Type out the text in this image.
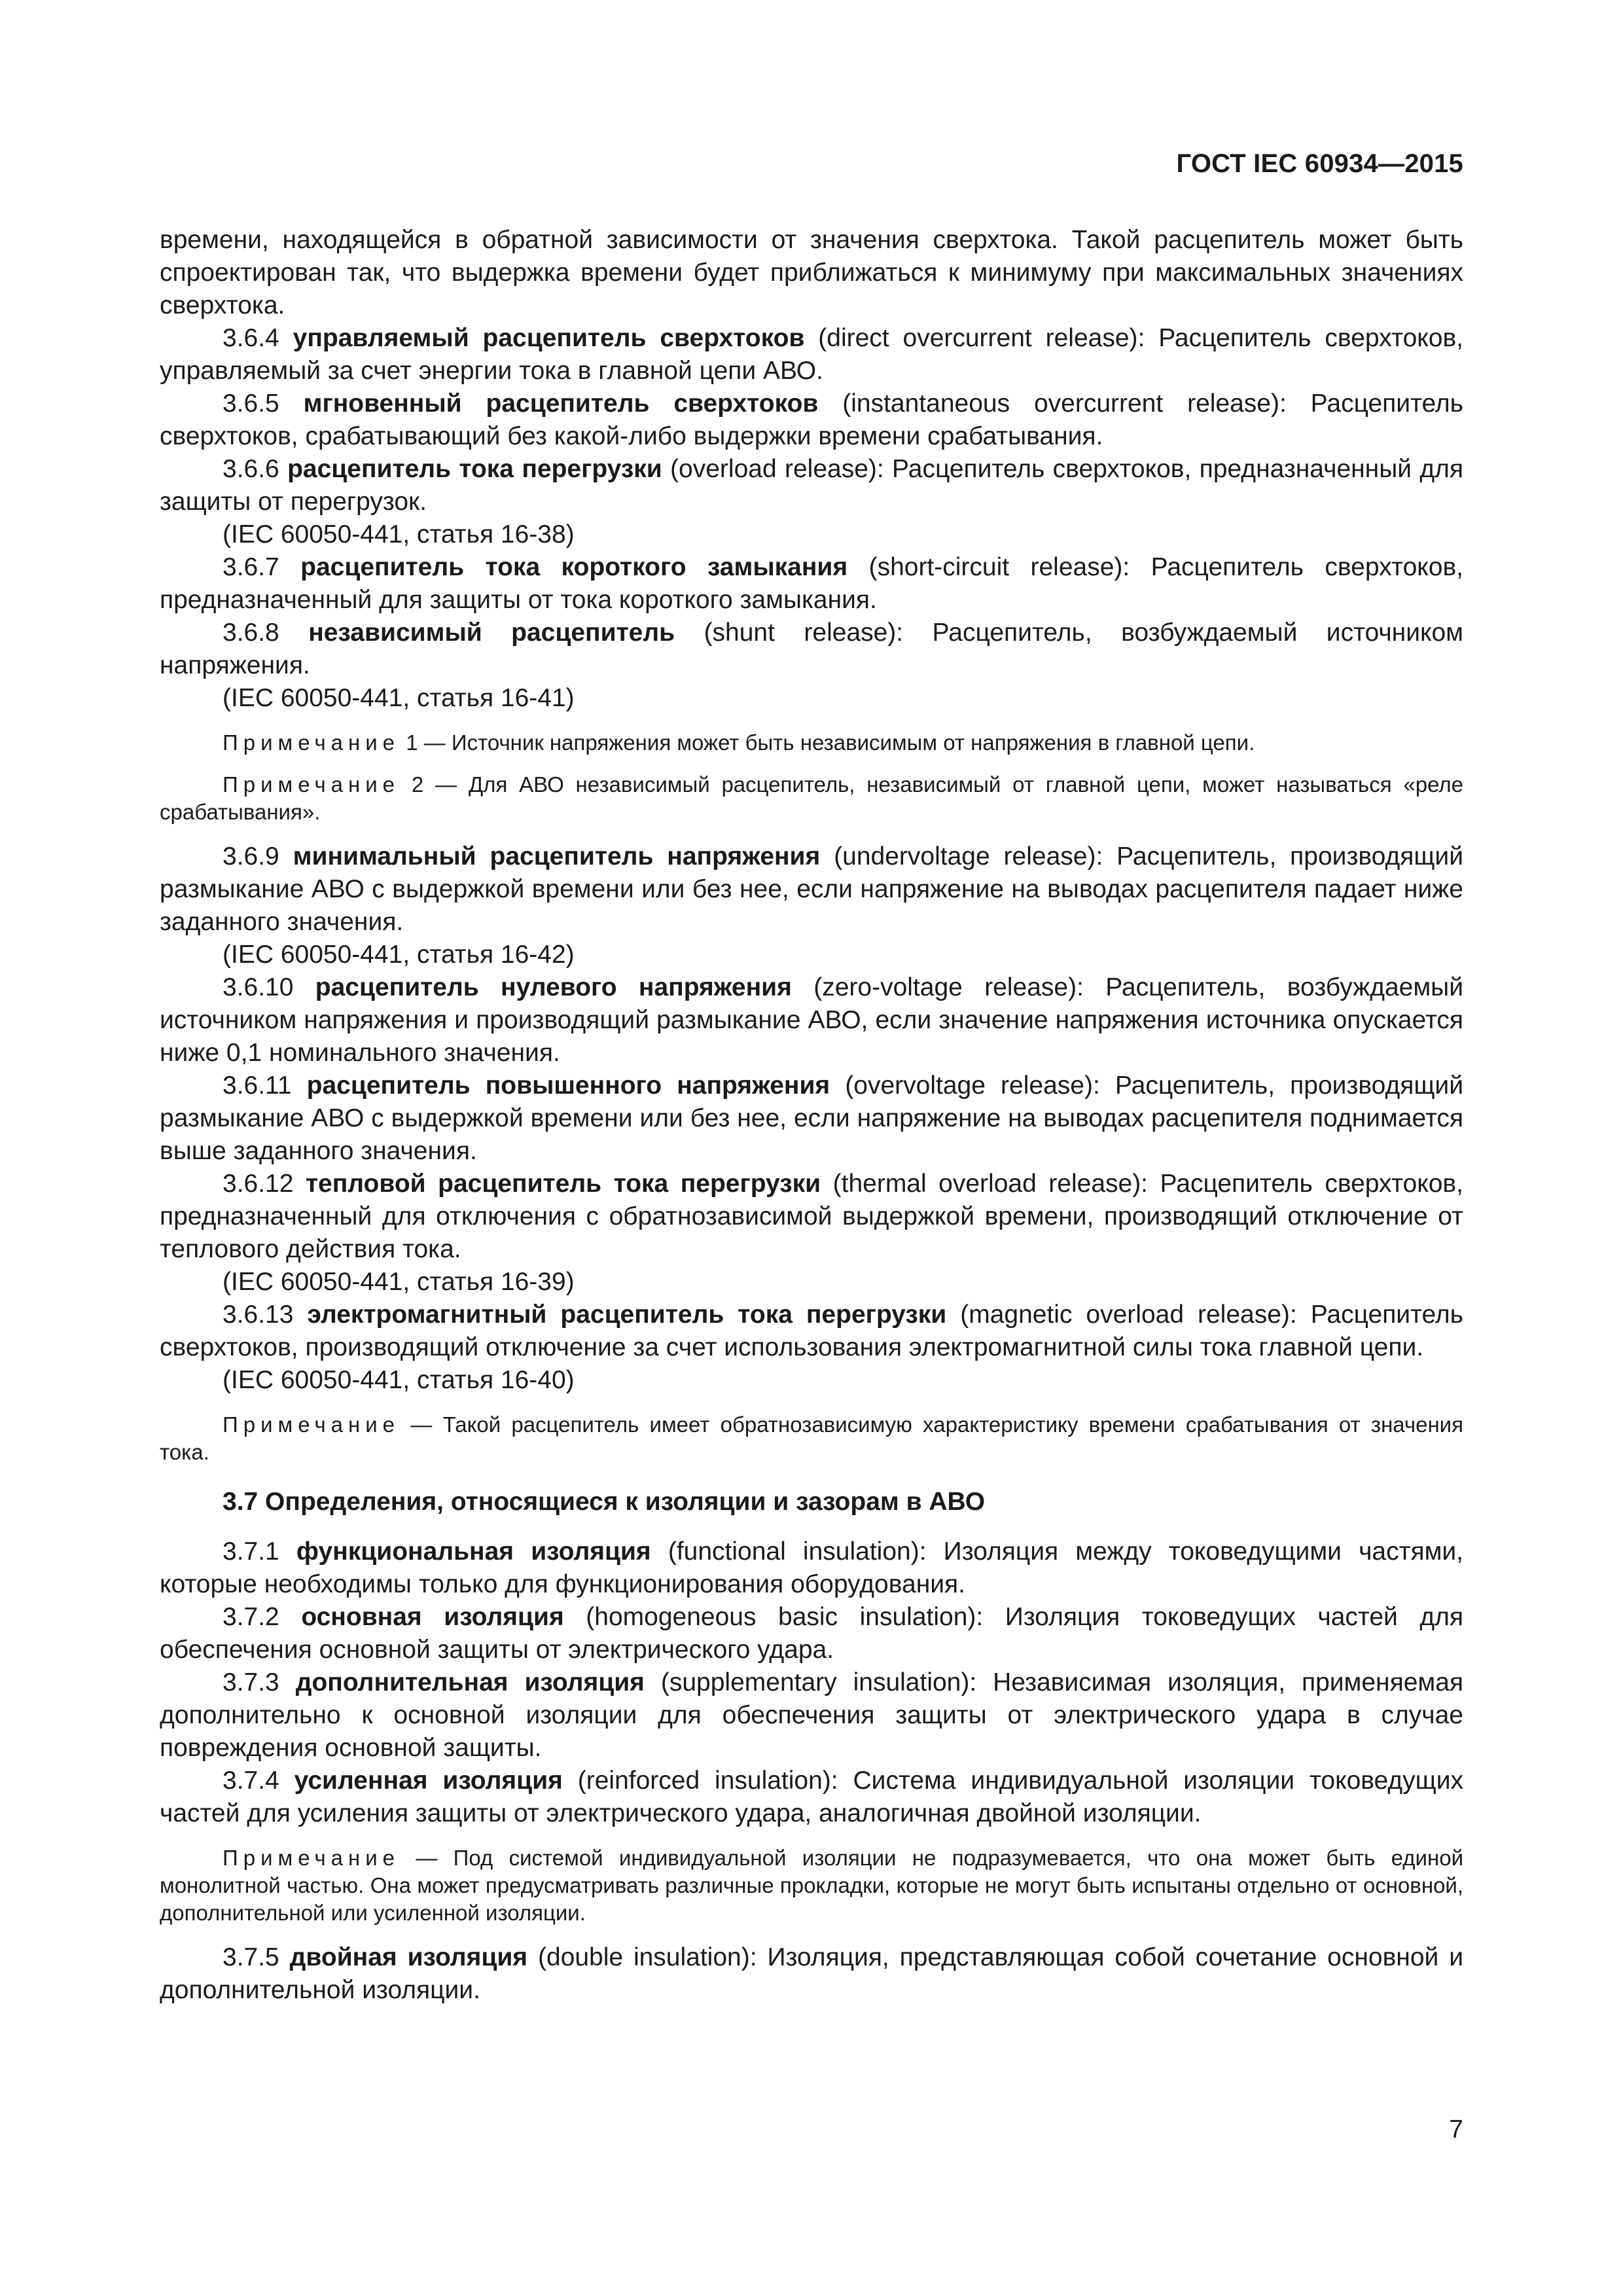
ГОСТ IEC 60934—2015

времени, находящейся в обратной зависимости от значения сверхтока. Такой расцепитель может быть спроектирован так, что выдержка времени будет приближаться к минимуму при максимальных значениях сверхтока.

3.6.4 управляемый расцепитель сверхтоков (direct overcurrent release): Расцепитель сверхтоков, управляемый за счет энергии тока в главной цепи АВО.

3.6.5 мгновенный расцепитель сверхтоков (instantaneous overcurrent release): Расцепитель сверхтоков, срабатывающий без какой-либо выдержки времени срабатывания.

3.6.6 расцепитель тока перегрузки (overload release): Расцепитель сверхтоков, предназначенный для защиты от перегрузок.

(IEC 60050-441, статья 16-38)

3.6.7 расцепитель тока короткого замыкания (short-circuit release): Расцепитель сверхтоков, предназначенный для защиты от тока короткого замыкания.

3.6.8 независимый расцепитель (shunt release): Расцепитель, возбуждаемый источником напряжения.

(IEC 60050-441, статья 16-41)

Примечание 1 — Источник напряжения может быть независимым от напряжения в главной цепи.

Примечание 2 — Для АВО независимый расцепитель, независимый от главной цепи, может называться «реле срабатывания».

3.6.9 минимальный расцепитель напряжения (undervoltage release): Расцепитель, производящий размыкание АВО с выдержкой времени или без нее, если напряжение на выводах расцепителя падает ниже заданного значения.

(IEC 60050-441, статья 16-42)

3.6.10 расцепитель нулевого напряжения (zero-voltage release): Расцепитель, возбуждаемый источником напряжения и производящий размыкание АВО, если значение напряжения источника опускается ниже 0,1 номинального значения.

3.6.11 расцепитель повышенного напряжения (overvoltage release): Расцепитель, производящий размыкание АВО с выдержкой времени или без нее, если напряжение на выводах расцепителя поднимается выше заданного значения.

3.6.12 тепловой расцепитель тока перегрузки (thermal overload release): Расцепитель сверхтоков, предназначенный для отключения с обратнозависимой выдержкой времени, производящий отключение от теплового действия тока.

(IEC 60050-441, статья 16-39)

3.6.13 электромагнитный расцепитель тока перегрузки (magnetic overload release): Расцепитель сверхтоков, производящий отключение за счет использования электромагнитной силы тока главной цепи.

(IEC 60050-441, статья 16-40)

Примечание — Такой расцепитель имеет обратнозависимую характеристику времени срабатывания от значения тока.

3.7 Определения, относящиеся к изоляции и зазорам в АВО

3.7.1 функциональная изоляция (functional insulation): Изоляция между токоведущими частями, которые необходимы только для функционирования оборудования.

3.7.2 основная изоляция (homogeneous basic insulation): Изоляция токоведущих частей для обеспечения основной защиты от электрического удара.

3.7.3 дополнительная изоляция (supplementary insulation): Независимая изоляция, применяемая дополнительно к основной изоляции для обеспечения защиты от электрического удара в случае повреждения основной защиты.

3.7.4 усиленная изоляция (reinforced insulation): Система индивидуальной изоляции токоведущих частей для усиления защиты от электрического удара, аналогичная двойной изоляции.

Примечание — Под системой индивидуальной изоляции не подразумевается, что она может быть единой монолитной частью. Она может предусматривать различные прокладки, которые не могут быть испытаны отдельно от основной, дополнительной или усиленной изоляции.

3.7.5 двойная изоляция (double insulation): Изоляция, представляющая собой сочетание основной и дополнительной изоляции.

7
